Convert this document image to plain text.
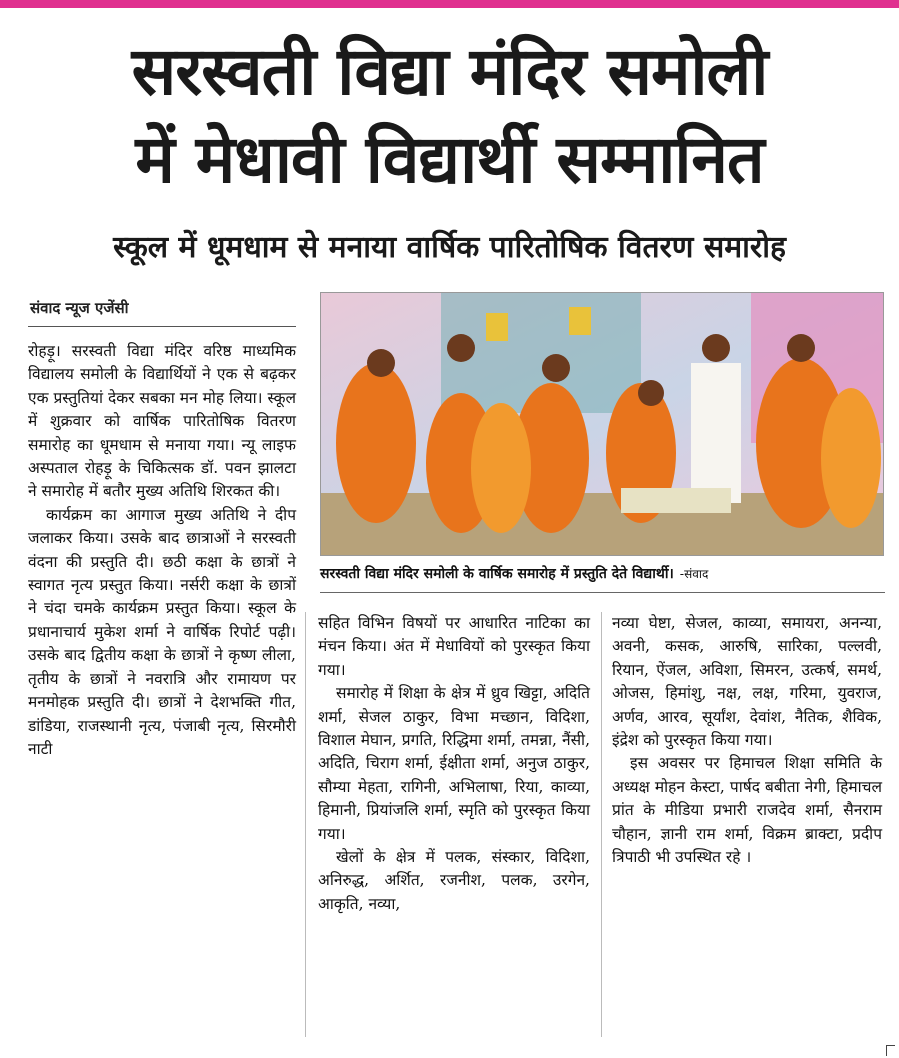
सरस्वती विद्या मंदिर समोली
में मेधावी विद्यार्थी सम्मानित
स्कूल में धूमधाम से मनाया वार्षिक पारितोषिक वितरण समारोह
संवाद न्यूज एजेंसी

रोहड़ू। सरस्वती विद्या मंदिर वरिष्ठ माध्यमिक विद्यालय समोली के विद्यार्थियों ने एक से बढ़कर एक प्रस्तुतियां देकर सबका मन मोह लिया। स्कूल में शुक्रवार को वार्षिक पारितोषिक वितरण समारोह का धूमधाम से मनाया गया। न्यू लाइफ अस्पताल रोहड़ू के चिकित्सक डॉ. पवन झालटा ने समारोह में बतौर मुख्य अतिथि शिरकत की।

कार्यक्रम का आगाज मुख्य अतिथि ने दीप जलाकर किया। उसके बाद छात्राओं ने सरस्वती वंदना की प्रस्तुति दी। छठी कक्षा के छात्रों ने स्वागत नृत्य प्रस्तुत किया। नर्सरी कक्षा के छात्रों ने चंदा चमके कार्यक्रम प्रस्तुत किया। स्कूल के प्रधानाचार्य मुकेश शर्मा ने वार्षिक रिपोर्ट पढ़ी। उसके बाद द्वितीय कक्षा के छात्रों ने कृष्ण लीला, तृतीय के छात्रों ने नवरात्रि और रामायण पर मनमोहक प्रस्तुति दी। छात्रों ने देशभक्ति गीत, डांडिया, राजस्थानी नृत्य, पंजाबी नृत्य, सिरमौरी नाटी

सरस्वती विद्या मंदिर समोली के वार्षिक समारोह में प्रस्तुति देते विद्यार्थी। -संवाद

सहित विभिन विषयों पर आधारित नाटिका का मंचन किया। अंत में मेधावियों को पुरस्कृत किया गया।

समारोह में शिक्षा के क्षेत्र में ध्रुव खिट्टा, अदिति शर्मा, सेजल ठाकुर, विभा मच्छान, विदिशा, विशाल मेघान, प्रगति, रिद्धिमा शर्मा, तमन्ना, नैंसी, अदिति, चिराग शर्मा, ईक्षीता शर्मा, अनुज ठाकुर, सौम्या मेहता, रागिनी, अभिलाषा, रिया, काव्या, हिमानी, प्रियांजलि शर्मा, स्मृति को पुरस्कृत किया गया।

खेलों के क्षेत्र में पलक, संस्कार, विदिशा, अनिरुद्ध, अर्शित, रजनीश, पलक, उरगेन, आकृति, नव्या,

नव्या घेष्टा, सेजल, काव्या, समायरा, अनन्या, अवनी, कसक, आरुषि, सारिका, पल्लवी, रियान, ऐंजल, अविशा, सिमरन, उत्कर्ष, समर्थ, ओजस, हिमांशु, नक्ष, लक्ष, गरिमा, युवराज, अर्णव, आरव, सूर्यांश, देवांश, नैतिक, शैविक, इंद्रेश को पुरस्कृत किया गया।

इस अवसर पर हिमाचल शिक्षा समिति के अध्यक्ष मोहन केस्टा, पार्षद बबीता नेगी, हिमाचल प्रांत के मीडिया प्रभारी राजदेव शर्मा, सैनराम चौहान, ज्ञानी राम शर्मा, विक्रम ब्राक्टा, प्रदीप त्रिपाठी भी उपस्थित रहे ।
